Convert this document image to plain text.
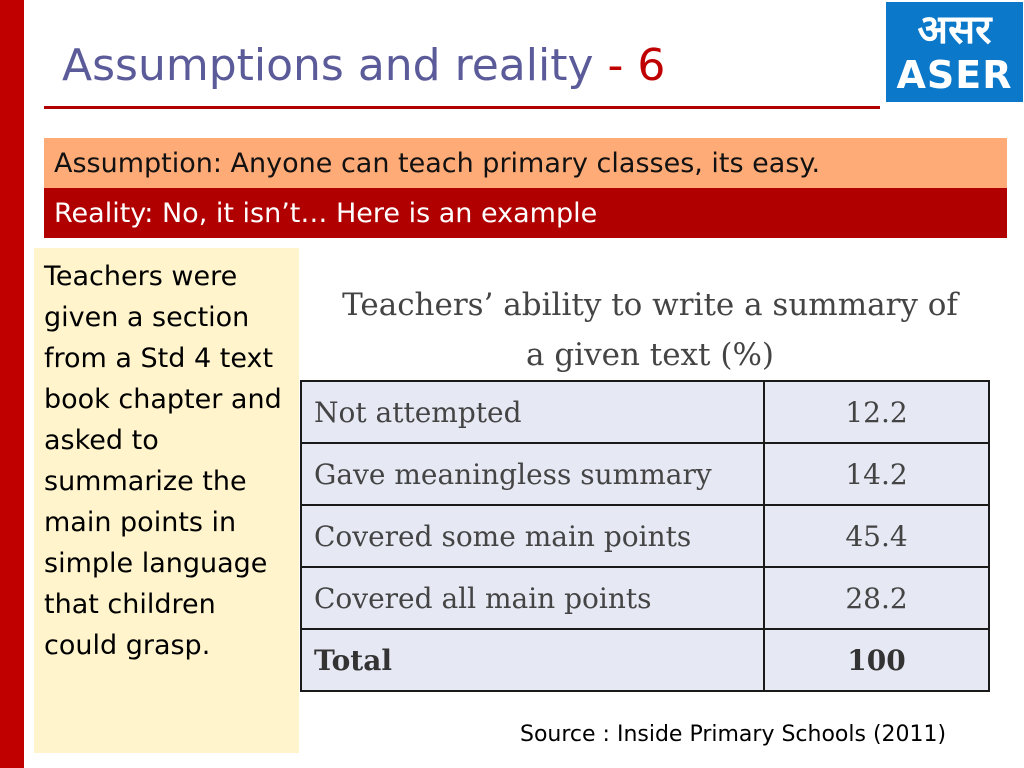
Assumptions and reality - 6
असर
ASER
Assumption: Anyone can teach primary classes, its easy.
Reality: No, it isn’t… Here is an example
Teachers were given a section from a Std 4 text book chapter and asked to summarize the main points in simple language that children could grasp.
Teachers’ ability to write a summary of a given text (%)
Not attempted	12.2
Gave meaningless summary	14.2
Covered some main points	45.4
Covered all main points	28.2
Total	100
Source : Inside Primary Schools (2011)
